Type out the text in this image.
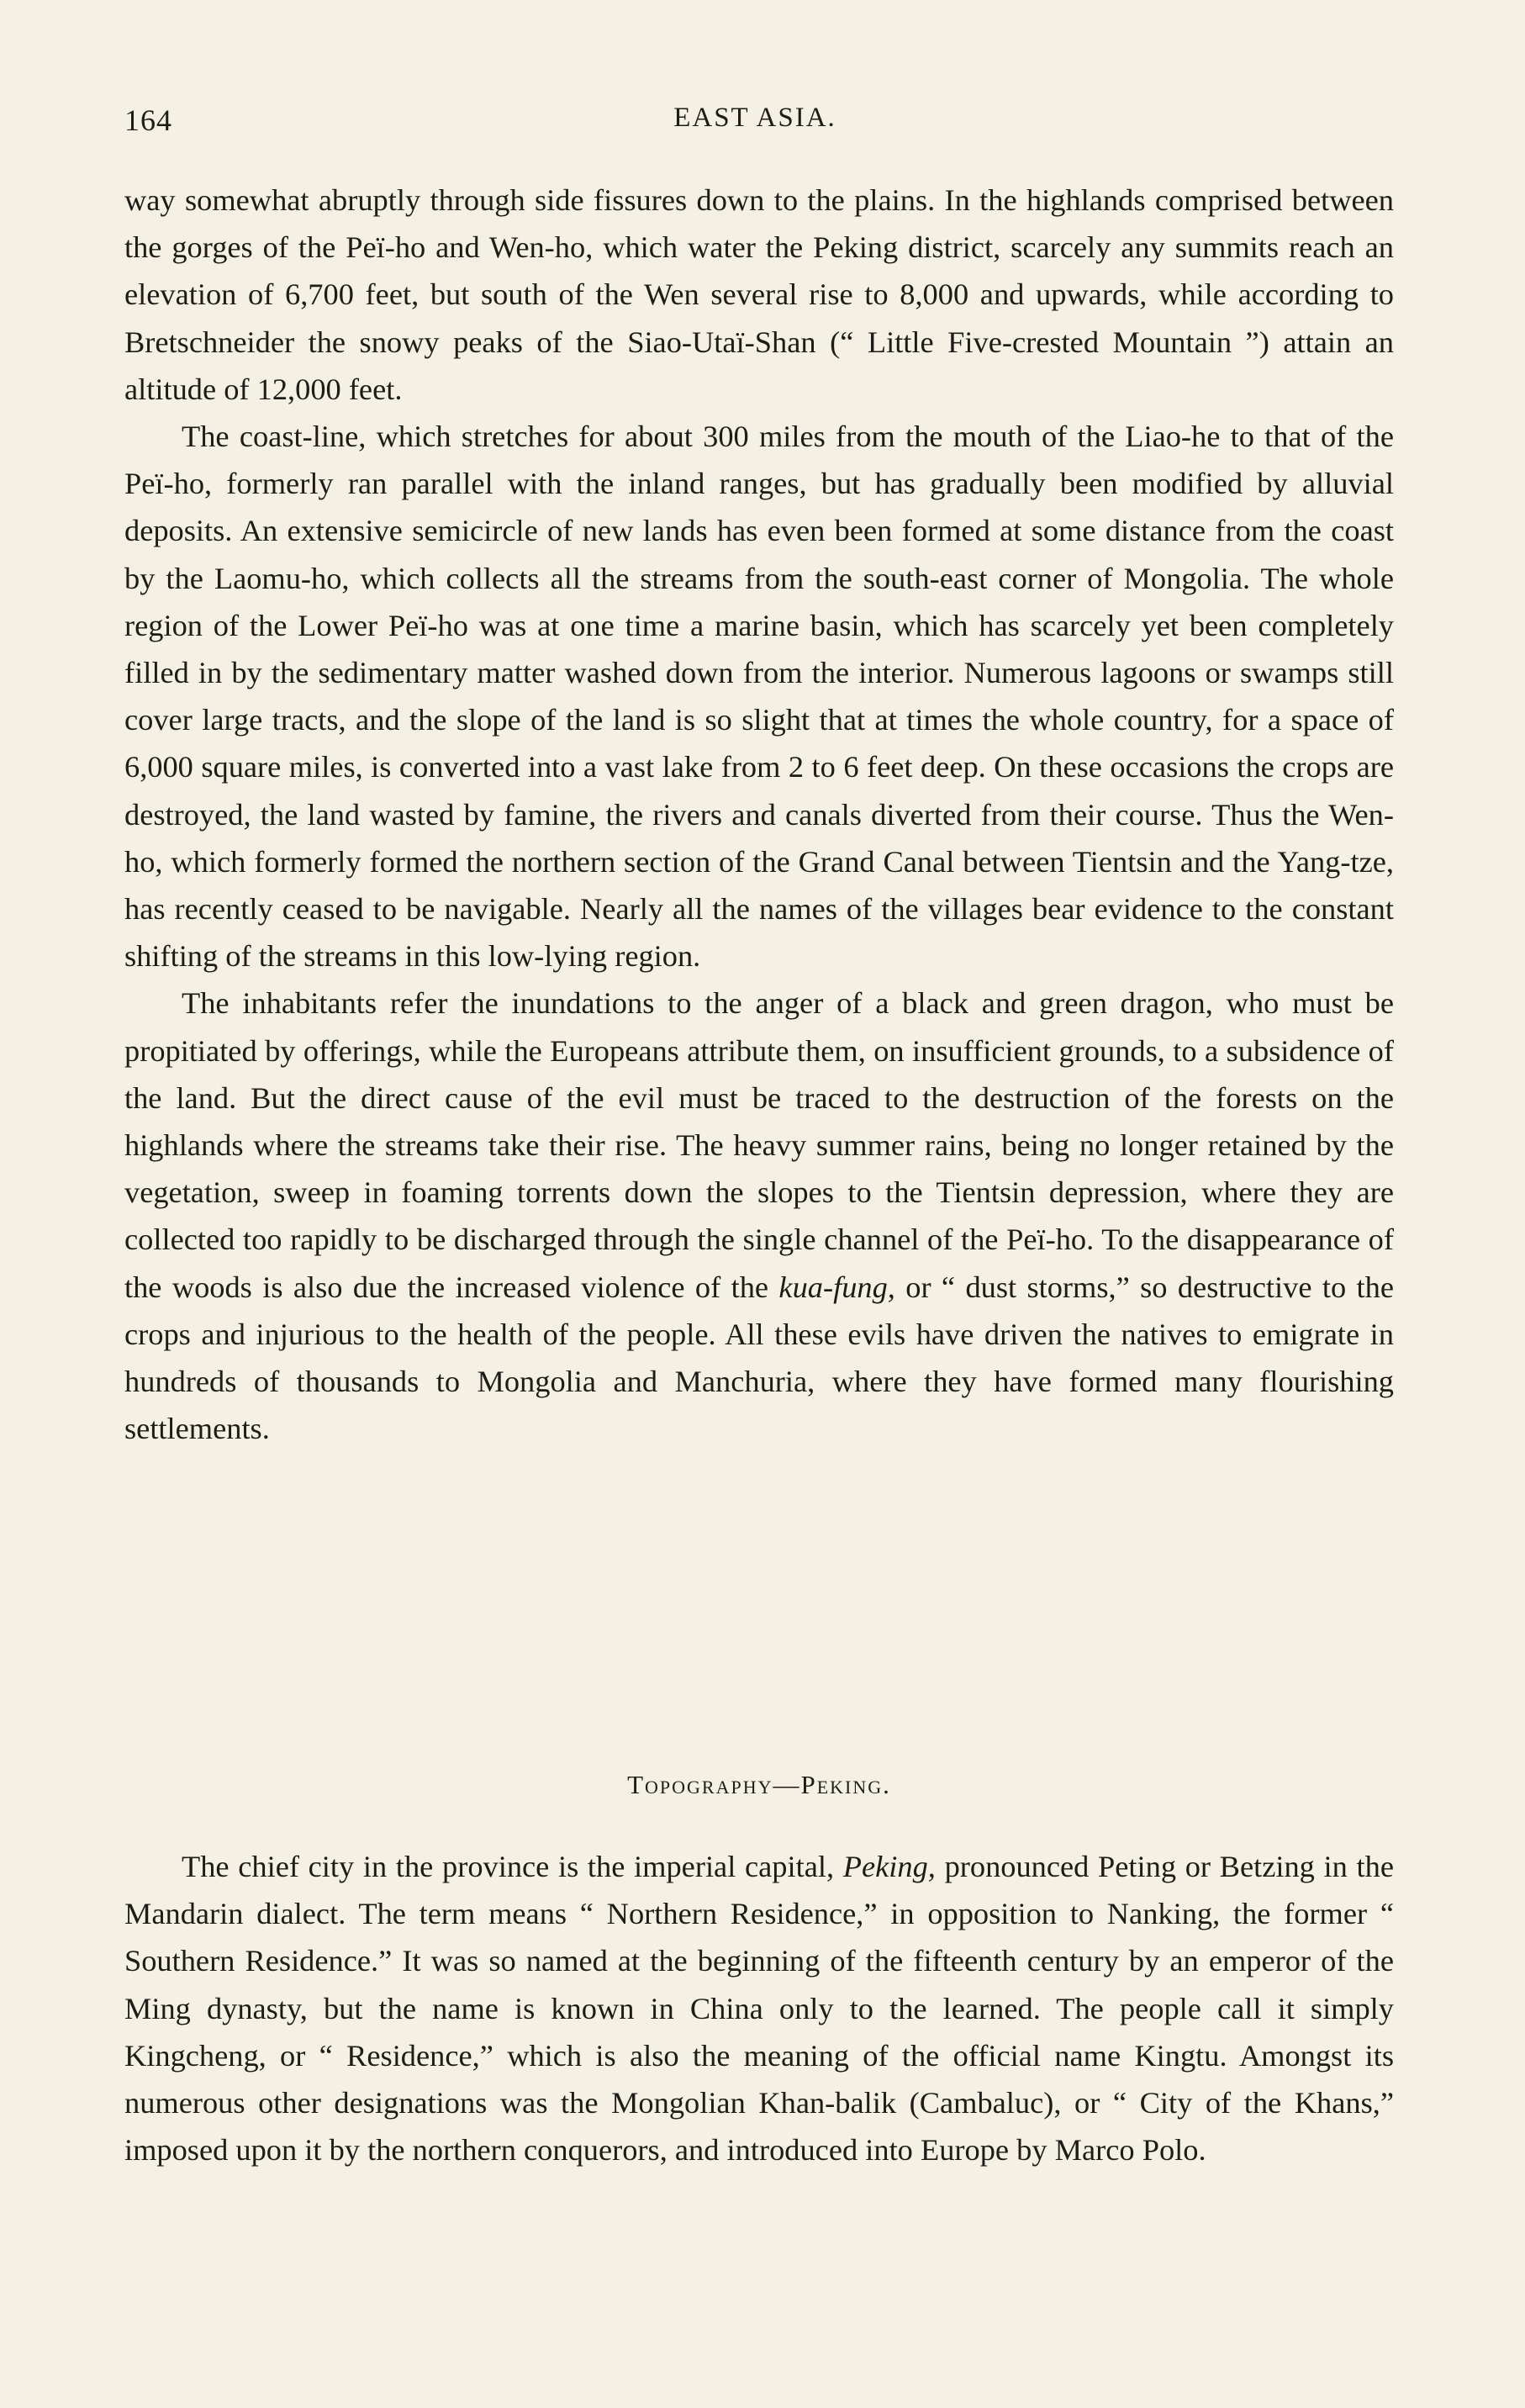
164	EAST ASIA.

way somewhat abruptly through side fissures down to the plains. In the highlands comprised between the gorges of the Peï-ho and Wen-ho, which water the Peking district, scarcely any summits reach an elevation of 6,700 feet, but south of the Wen several rise to 8,000 and upwards, while according to Bretschneider the snowy peaks of the Siao-Utaï-Shan (“ Little Five-crested Mountain ”) attain an altitude of 12,000 feet.

The coast-line, which stretches for about 300 miles from the mouth of the Liao-he to that of the Peï-ho, formerly ran parallel with the inland ranges, but has gradually been modified by alluvial deposits. An extensive semicircle of new lands has even been formed at some distance from the coast by the Laomu-ho, which collects all the streams from the south-east corner of Mongolia. The whole region of the Lower Peï-ho was at one time a marine basin, which has scarcely yet been completely filled in by the sedimentary matter washed down from the interior. Numerous lagoons or swamps still cover large tracts, and the slope of the land is so slight that at times the whole country, for a space of 6,000 square miles, is converted into a vast lake from 2 to 6 feet deep. On these occasions the crops are destroyed, the land wasted by famine, the rivers and canals diverted from their course. Thus the Wen-ho, which formerly formed the northern section of the Grand Canal between Tientsin and the Yang-tze, has recently ceased to be navigable. Nearly all the names of the villages bear evidence to the constant shifting of the streams in this low-lying region.

The inhabitants refer the inundations to the anger of a black and green dragon, who must be propitiated by offerings, while the Europeans attribute them, on insufficient grounds, to a subsidence of the land. But the direct cause of the evil must be traced to the destruction of the forests on the highlands where the streams take their rise. The heavy summer rains, being no longer retained by the vegetation, sweep in foaming torrents down the slopes to the Tientsin depression, where they are collected too rapidly to be discharged through the single channel of the Peï-ho. To the disappearance of the woods is also due the increased violence of the kua-fung, or “ dust storms,” so destructive to the crops and injurious to the health of the people. All these evils have driven the natives to emigrate in hundreds of thousands to Mongolia and Manchuria, where they have formed many flourishing settlements.

Topography—Peking.

The chief city in the province is the imperial capital, Peking, pronounced Peting or Betzing in the Mandarin dialect. The term means “ Northern Residence,” in opposition to Nanking, the former “ Southern Residence.” It was so named at the beginning of the fifteenth century by an emperor of the Ming dynasty, but the name is known in China only to the learned. The people call it simply Kingcheng, or “ Residence,” which is also the meaning of the official name Kingtu. Amongst its numerous other designations was the Mongolian Khan-balik (Cambaluc), or “ City of the Khans,” imposed upon it by the northern conquerors, and introduced into Europe by Marco Polo.
